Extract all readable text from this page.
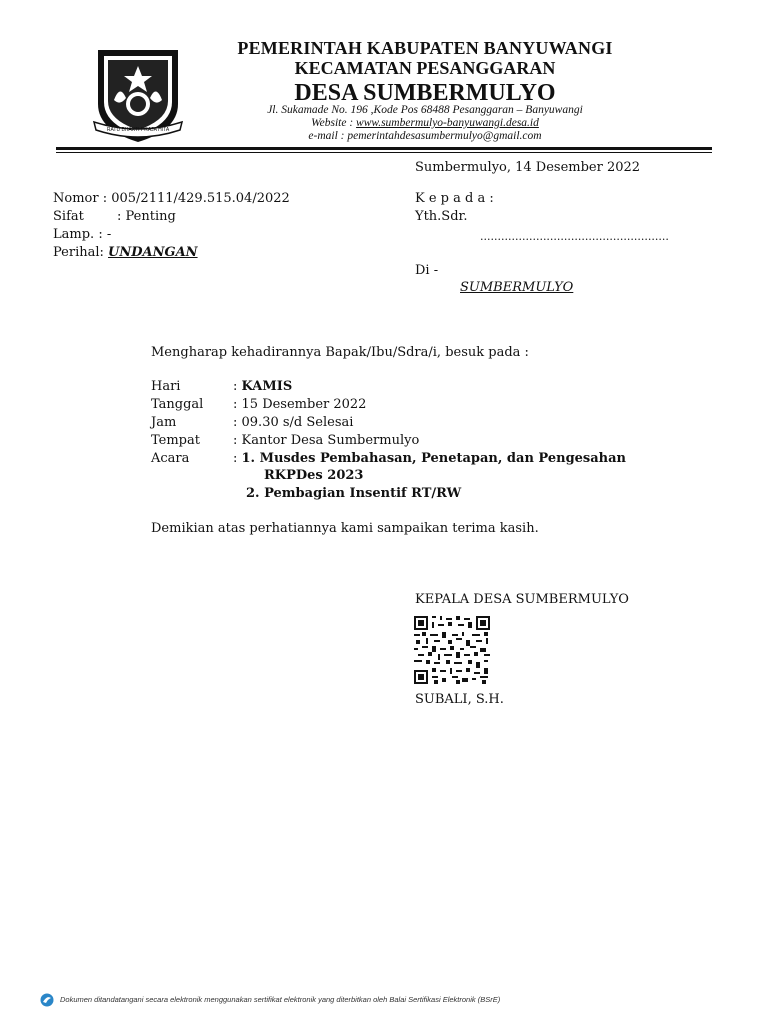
RATU BHAKTI PRAJA HITA
PEMERINTAH KABUPATEN BANYUWANGI
KECAMATAN PESANGGARAN
DESA SUMBERMULYO
Jl. Sukamade No. 196 ,Kode Pos 68488 Pesanggaran – Banyuwangi
Website : www.sumbermulyo-banyuwangi.desa.id
e-mail : pemerintahdesasumbermulyo@gmail.com
Sumbermulyo, 14 Desember 2022
Nomor : 005/2111/429.515.04/2022
Sifat	: Penting
Lamp. : -
Perihal: UNDANGAN
K e p a d a :
Yth.Sdr.
......................................................
Di -
SUMBERMULYO
Mengharap kehadirannya Bapak/Ibu/Sdra/i, besuk pada :
Hari	: KAMIS
Tanggal : 15 Desember 2022
Jam	: 09.30 s/d Selesai
Tempat	: Kantor Desa Sumbermulyo
Acara	: 1. Musdes Pembahasan, Penetapan, dan Pengesahan
RKPDes 2023
2. Pembagian Insentif RT/RW
Demikian atas perhatiannya kami sampaikan terima kasih.
KEPALA DESA SUMBERMULYO
SUBALI, S.H.
Dokumen ditandatangani secara elektronik menggunakan sertifikat elektronik yang diterbitkan oleh Balai Sertifikasi Elektronik (BSrE)
